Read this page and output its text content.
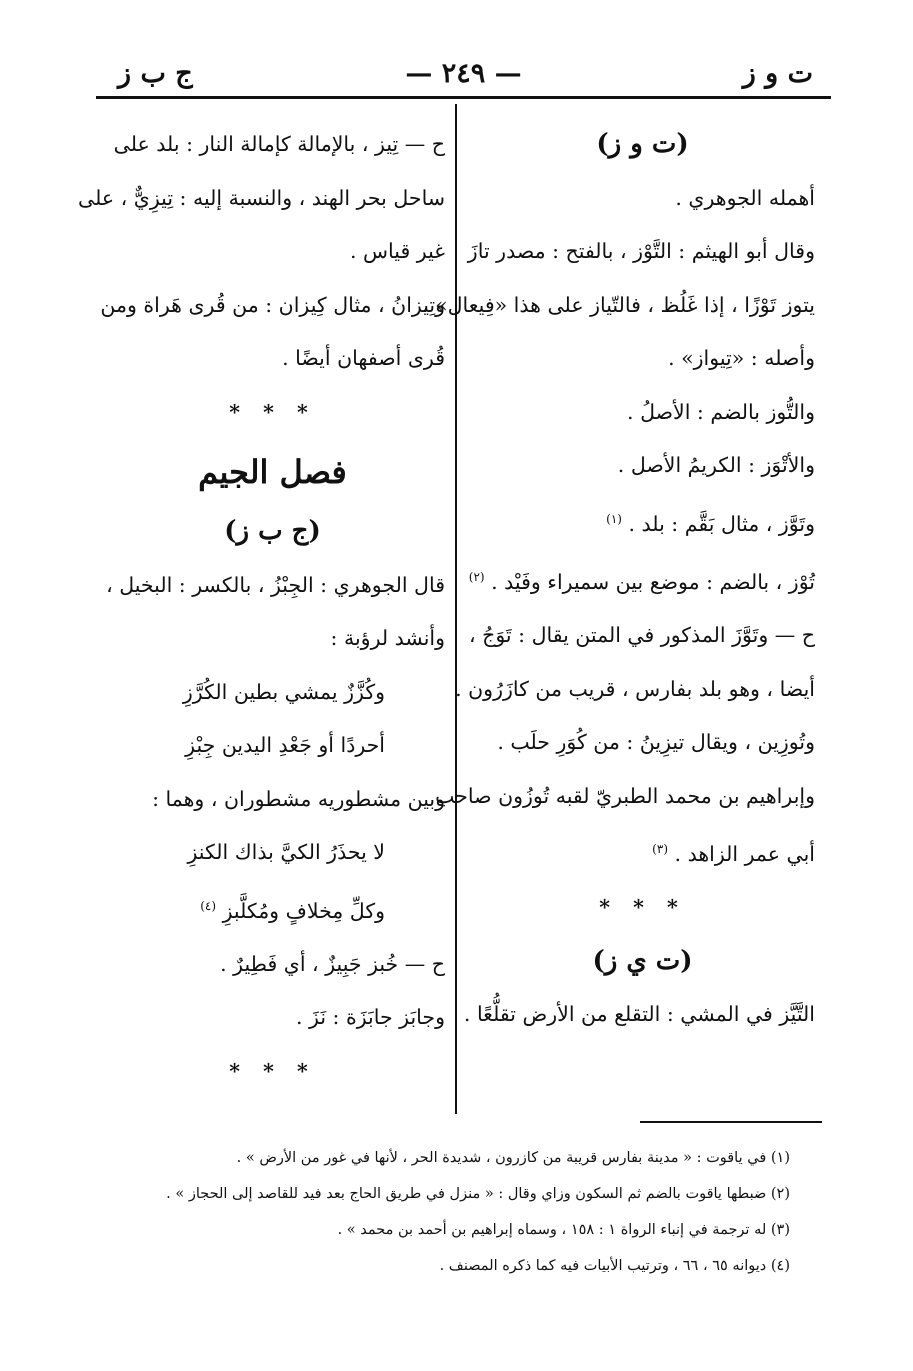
ت و ز
— ٢٤٩ —
ج ب ز

(ت و ز)

أهمله الجوهري .

وقال أبو الهيثم : التَّوْز ، بالفتح : مصدر تازَ

يتوز تَوْزًا ، إذا غَلُظ ، فالتّياز على هذا «فِيعال» ،

وأصله : «تِيواز» .

والتُّوز بالضم : الأصلُ .

والأتْوَز : الكريمُ الأصل .

وتَوَّز ، مثال بَقَّم : بلد . $^{(١)}$

تُوْز ، بالضم : موضع بين سميراء وفَيْد . $^{(٢)}$

ح — وتَوَّزَ المذكور في المتن يقال : تَوَجُ ،

أيضا ، وهو بلد بفارس ، قريب من كازَرُون .

وتُوزِين ، ويقال تيزِينُ : من كُوَرِ حلَب .

وإبراهيم بن محمد الطبريّ لقبه تُوزُون صاحب

أبي عمر الزاهد . $^{(٣)}$

* * *

(ت ي ز)

التَّيَّز في المشي : التقلع من الأرض تقلُّعًا .

ح — تِيز ، بالإمالة كإمالة النار : بلد على

ساحل بحر الهند ، والنسبة إليه : تِيزِيٌّ ، على

غير قياس .

وتِيزانُ ، مثال كِيزان : من قُرى هَراة ومن

قُرى أصفهان أيضًا .

* * *

فصل الجيم

(ج ب ز)

قال الجوهري : الجِبْزُ ، بالكسر : البخيل ،

وأنشد لرؤبة :

وكُزَّزٌ يمشي بطين الكُرَّزِ

أحردًا أو جَعْدِ اليدين جِبْزِ

وبين مشطوريه مشطوران ، وهما :

لا يحذَرُ الكيَّ بذاك الكنزِ

وكلِّ مِخلافٍ ومُكلَّبزِ $^{(٤)}$

ح — خُبز جَبِيزٌ ، أي فَطِيرٌ .

وجابَز جابَزَة : نَزَ .

* * *

(١) في ياقوت : « مدينة بفارس قريبة من كازرون ، شديدة الحر ، لأنها في غور من الأرض » .

(٢) ضبطها ياقوت بالضم ثم السكون وزاي وقال : « منزل في طريق الحاج بعد فيد للقاصد إلى الحجاز » .

(٣) له ترجمة في إنباء الرواة ١ : ١٥٨ ، وسماه إبراهيم بن أحمد بن محمد » .

(٤) ديوانه ٦٥ ، ٦٦ ، وترتيب الأبيات فيه كما ذكره المصنف .
